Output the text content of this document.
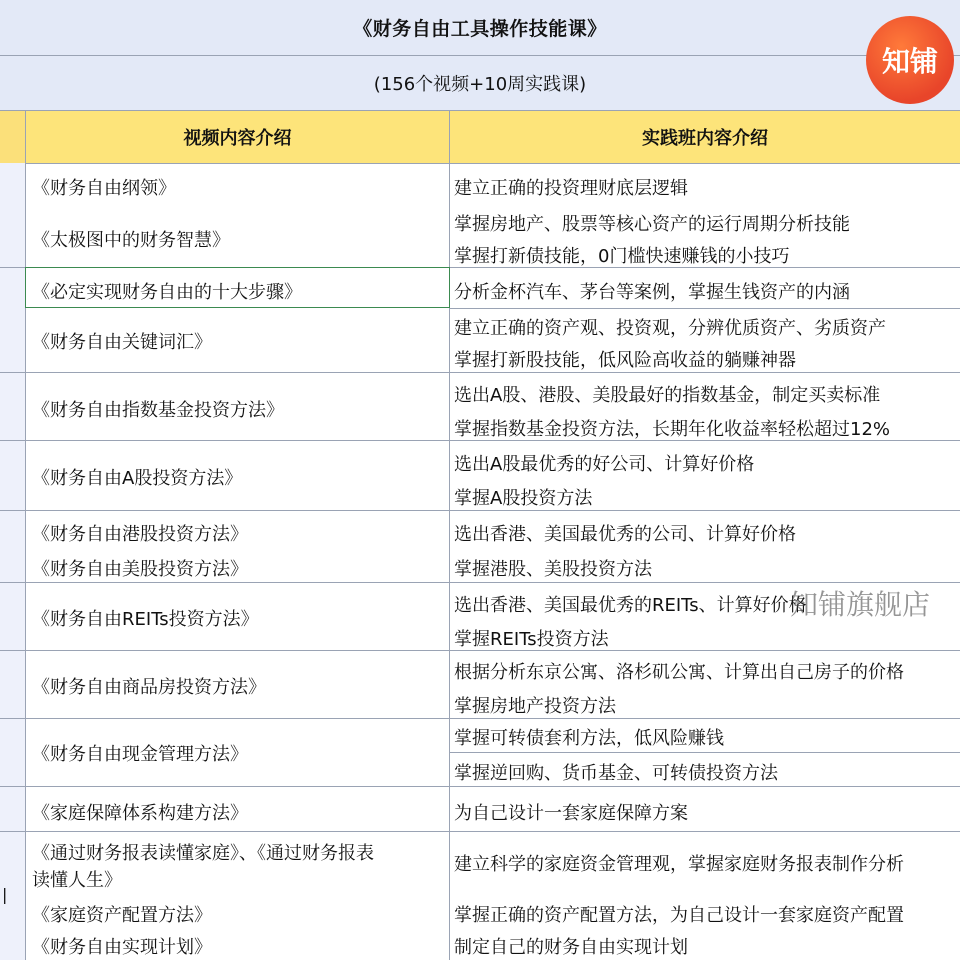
《财务自由工具操作技能课》
(156个视频+10周实践课)
知铺
视频内容介绍	实践班内容介绍
|
《财务自由纲领》
《太极图中的财务智慧》
建立正确的投资理财底层逻辑
掌握房地产、股票等核心资产的运行周期分析技能
掌握打新债技能，0门槛快速赚钱的小技巧
《必定实现财务自由的十大步骤》
《财务自由关键词汇》
分析金杯汽车、茅台等案例，掌握生钱资产的内涵
建立正确的资产观、投资观，分辨优质资产、劣质资产
掌握打新股技能，低风险高收益的躺赚神器
《财务自由指数基金投资方法》
选出A股、港股、美股最好的指数基金，制定买卖标准
掌握指数基金投资方法，长期年化收益率轻松超过12%
《财务自由A股投资方法》
选出A股最优秀的好公司、计算好价格
掌握A股投资方法
《财务自由港股投资方法》
《财务自由美股投资方法》
选出香港、美国最优秀的公司、计算好价格
掌握港股、美股投资方法
《财务自由REITs投资方法》
选出香港、美国最优秀的REITs、计算好价格
掌握REITs投资方法
《财务自由商品房投资方法》
根据分析东京公寓、洛杉矶公寓、计算出自己房子的价格
掌握房地产投资方法
《财务自由现金管理方法》
掌握可转债套利方法，低风险赚钱
掌握逆回购、货币基金、可转债投资方法
《家庭保障体系构建方法》	为自己设计一套家庭保障方案
《通过财务报表读懂家庭》、《通过财务报表
读懂人生》
《家庭资产配置方法》
《财务自由实现计划》
建立科学的家庭资金管理观，掌握家庭财务报表制作分析
掌握正确的资产配置方法，为自己设计一套家庭资产配置
制定自己的财务自由实现计划
知铺旗舰店
